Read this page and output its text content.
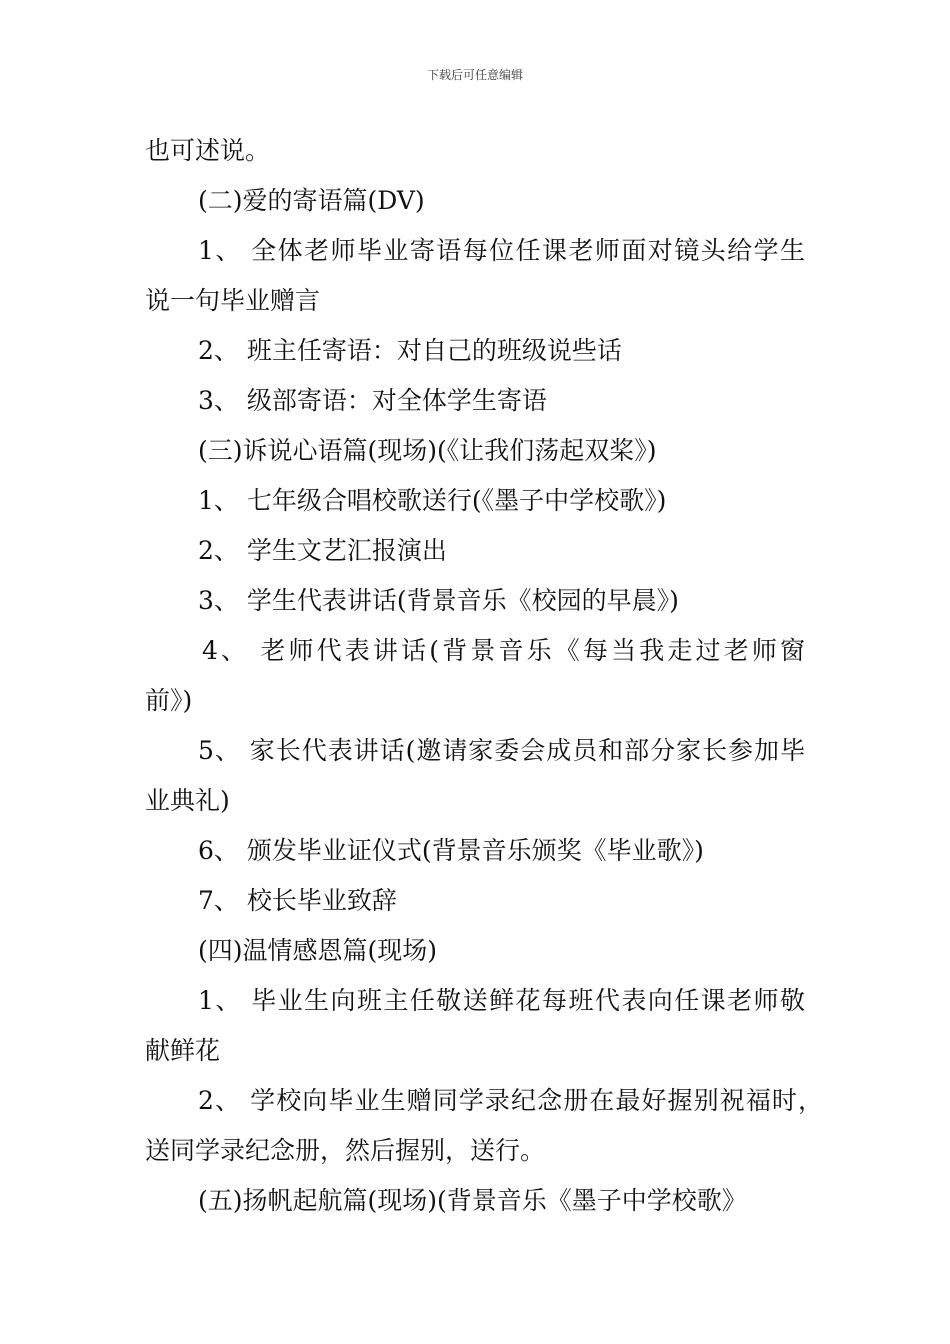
下载后可任意编辑
也可述说。
(二)爱的寄语篇(DV)
1、 全体老师毕业寄语每位任课老师面对镜头给学生
说一句毕业赠言
2、 班主任寄语：对自己的班级说些话
3、 级部寄语：对全体学生寄语
(三)诉说心语篇(现场)(《让我们荡起双桨》)
1、 七年级合唱校歌送行(《墨子中学校歌》)
2、 学生文艺汇报演出
3、 学生代表讲话(背景音乐《校园的早晨》)
4、 老师代表讲话(背景音乐《每当我走过老师窗
前》)
5、 家长代表讲话(邀请家委会成员和部分家长参加毕
业典礼)
6、 颁发毕业证仪式(背景音乐颁奖《毕业歌》)
7、 校长毕业致辞
(四)温情感恩篇(现场)
1、 毕业生向班主任敬送鲜花每班代表向任课老师敬
献鲜花
2、 学校向毕业生赠同学录纪念册在最好握别祝福时，
送同学录纪念册，然后握别，送行。
(五)扬帆起航篇(现场)(背景音乐《墨子中学校歌》
